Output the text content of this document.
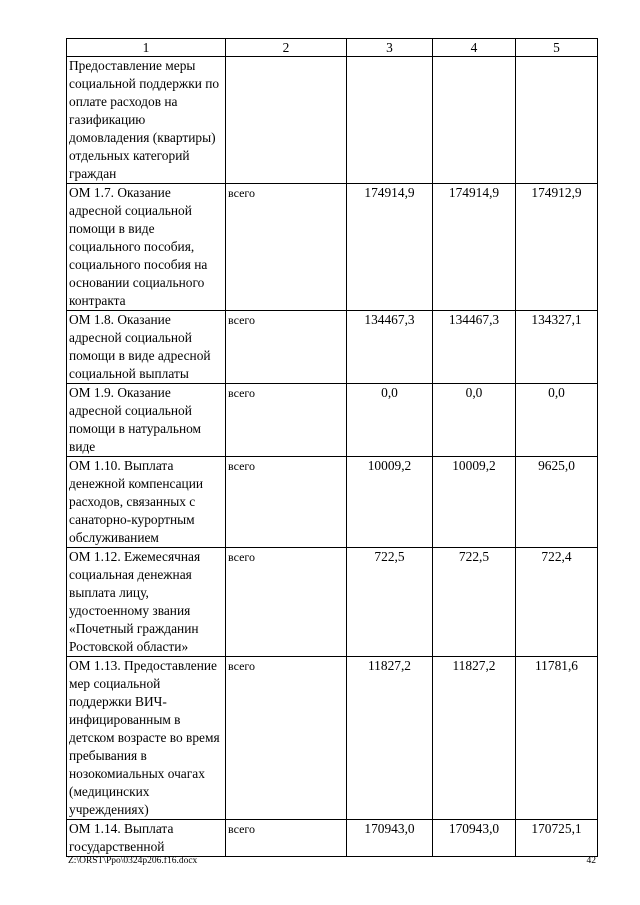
1	2	3	4	5
Предоставление меры социальной поддержки по оплате расходов на газификацию домовладения (квартиры) отдельных категорий граждан				
ОМ 1.7. Оказание адресной социальной помощи в виде социального пособия, социального пособия на основании социального контракта	всего	174914,9	174914,9	174912,9
ОМ 1.8. Оказание адресной социальной помощи в виде адресной социальной выплаты	всего	134467,3	134467,3	134327,1
ОМ 1.9. Оказание адресной социальной помощи в натуральном виде	всего	0,0	0,0	0,0
ОМ 1.10. Выплата денежной компенсации расходов, связанных с санаторно-курортным обслуживанием	всего	10009,2	10009,2	9625,0
ОМ 1.12. Ежемесячная социальная денежная выплата лицу, удостоенному звания «Почетный гражданин Ростовской области»	всего	722,5	722,5	722,4
ОМ 1.13. Предоставление мер социальной поддержки ВИЧ-инфицированным в детском возрасте во время пребывания в нозокомиальных очагах (медицинских учреждениях)	всего	11827,2	11827,2	11781,6
ОМ 1.14. Выплата государственной	всего	170943,0	170943,0	170725,1
Z:\ORST\Ppo\0324p206.f16.docx	42
